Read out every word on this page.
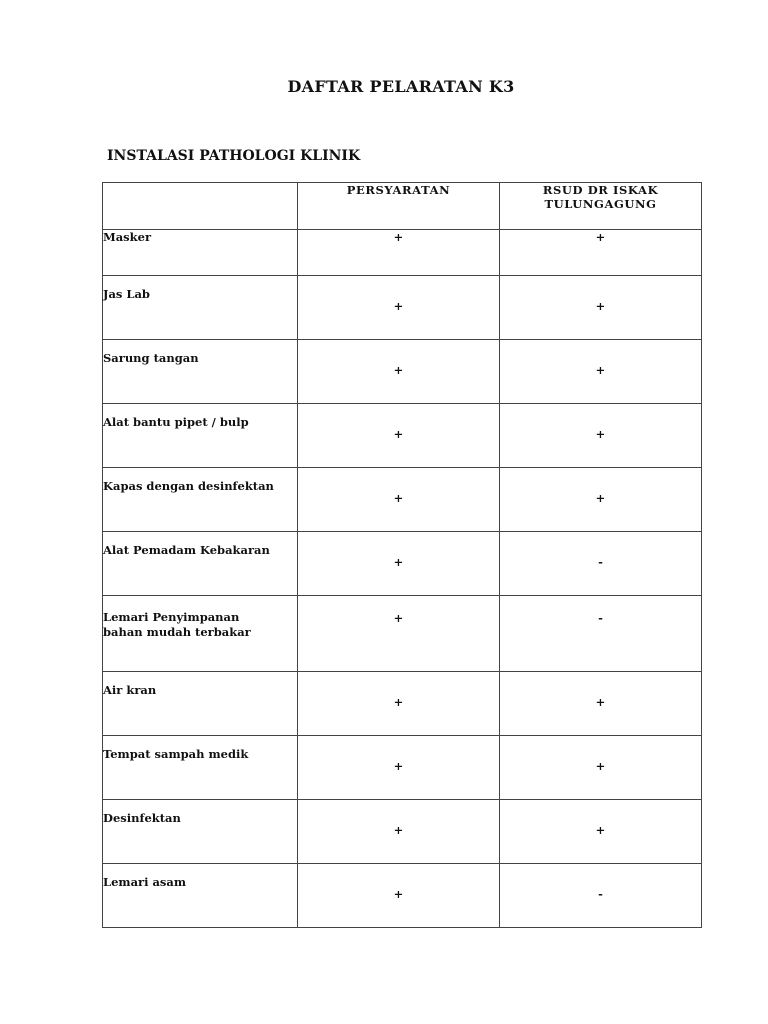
DAFTAR PELARATAN K3
INSTALASI PATHOLOGI KLINIK
	PERSYARATAN	RSUD DR ISKAK
TULUNGAGUNG
Masker	+	+
Jas Lab	+	+
Sarung tangan	+	+
Alat bantu pipet / bulp	+	+
Kapas dengan desinfektan	+	+
Alat Pemadam Kebakaran	+	-
Lemari Penyimpanan
bahan mudah terbakar	+	-
Air kran	+	+
Tempat sampah medik	+	+
Desinfektan	+	+
Lemari asam	+	-
